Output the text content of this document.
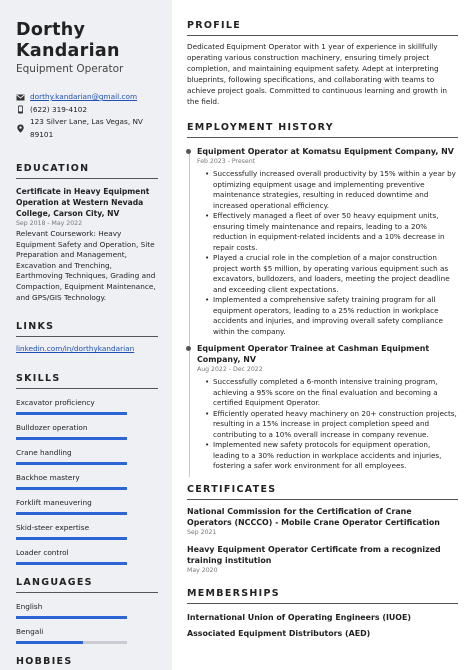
Dorthy
Kandarian
Equipment Operator
dorthy.kandarian@gmail.com
(622) 319-4102
123 Silver Lane, Las Vegas, NV 89101
EDUCATION
Certificate in Heavy Equipment Operation at Western Nevada College, Carson City, NV
Sep 2018 - May 2022
Relevant Coursework: Heavy Equipment Safety and Operation, Site Preparation and Management, Excavation and Trenching, Earthmoving Techniques, Grading and Compaction, Equipment Maintenance, and GPS/GIS Technology.
LINKS
linkedin.com/in/dorthykandarian
SKILLS
Excavator proficiency
Bulldozer operation
Crane handling
Backhoe mastery
Forklift maneuvering
Skid-steer expertise
Loader control
LANGUAGES
English
Bengali
HOBBIES
PROFILE
Dedicated Equipment Operator with 1 year of experience in skillfully operating various construction machinery, ensuring timely project completion, and maintaining equipment safety. Adept at interpreting blueprints, following specifications, and collaborating with teams to achieve project goals. Committed to continuous learning and growth in the field.
EMPLOYMENT HISTORY
Equipment Operator at Komatsu Equipment Company, NV
Feb 2023 - Present
• Successfully increased overall productivity by 15% within a year by optimizing equipment usage and implementing preventive maintenance strategies, resulting in reduced downtime and increased operational efficiency.
• Effectively managed a fleet of over 50 heavy equipment units, ensuring timely maintenance and repairs, leading to a 20% reduction in equipment-related incidents and a 10% decrease in repair costs.
• Played a crucial role in the completion of a major construction project worth $5 million, by operating various equipment such as excavators, bulldozers, and loaders, meeting the project deadline and exceeding client expectations.
• Implemented a comprehensive safety training program for all equipment operators, leading to a 25% reduction in workplace accidents and injuries, and improving overall safety compliance within the company.
Equipment Operator Trainee at Cashman Equipment Company, NV
Aug 2022 - Dec 2022
• Successfully completed a 6-month intensive training program, achieving a 95% score on the final evaluation and becoming a certified Equipment Operator.
• Efficiently operated heavy machinery on 20+ construction projects, resulting in a 15% increase in project completion speed and contributing to a 10% overall increase in company revenue.
• Implemented new safety protocols for equipment operation, leading to a 30% reduction in workplace accidents and injuries, fostering a safer work environment for all employees.
CERTIFICATES
National Commission for the Certification of Crane Operators (NCCCO) - Mobile Crane Operator Certification
Sep 2021
Heavy Equipment Operator Certificate from a recognized training institution
May 2020
MEMBERSHIPS
International Union of Operating Engineers (IUOE)
Associated Equipment Distributors (AED)
